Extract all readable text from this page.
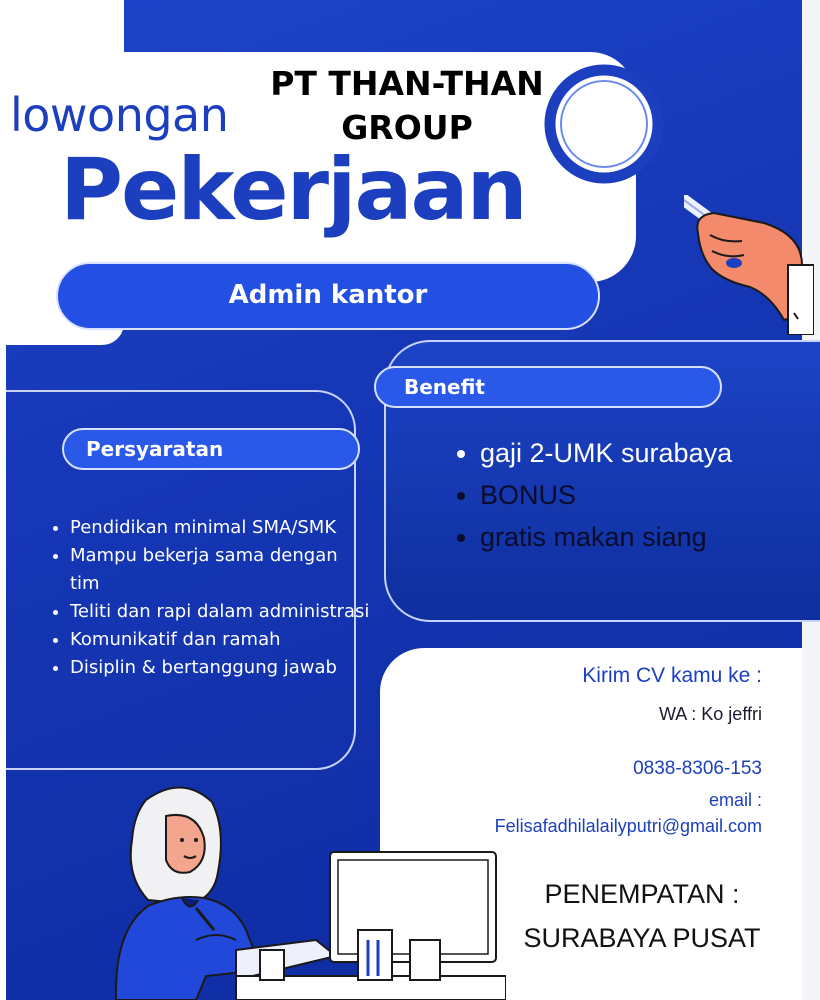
lowongan
PT THAN-THAN GROUP
Pekerjaan
Admin kantor
Persyaratan
• Pendidikan minimal SMA/SMK
• Mampu bekerja sama dengan tim
• Teliti dan rapi dalam administrasi
• Komunikatif dan ramah
• Disiplin & bertanggung jawab
Benefit
• gaji 2-UMK surabaya
• BONUS
• gratis makan siang
Kirim CV kamu ke :
WA : Ko jeffri
0838-8306-153
email :
Felisafadhilalailyputri@gmail.com
PENEMPATAN :
SURABAYA PUSAT
